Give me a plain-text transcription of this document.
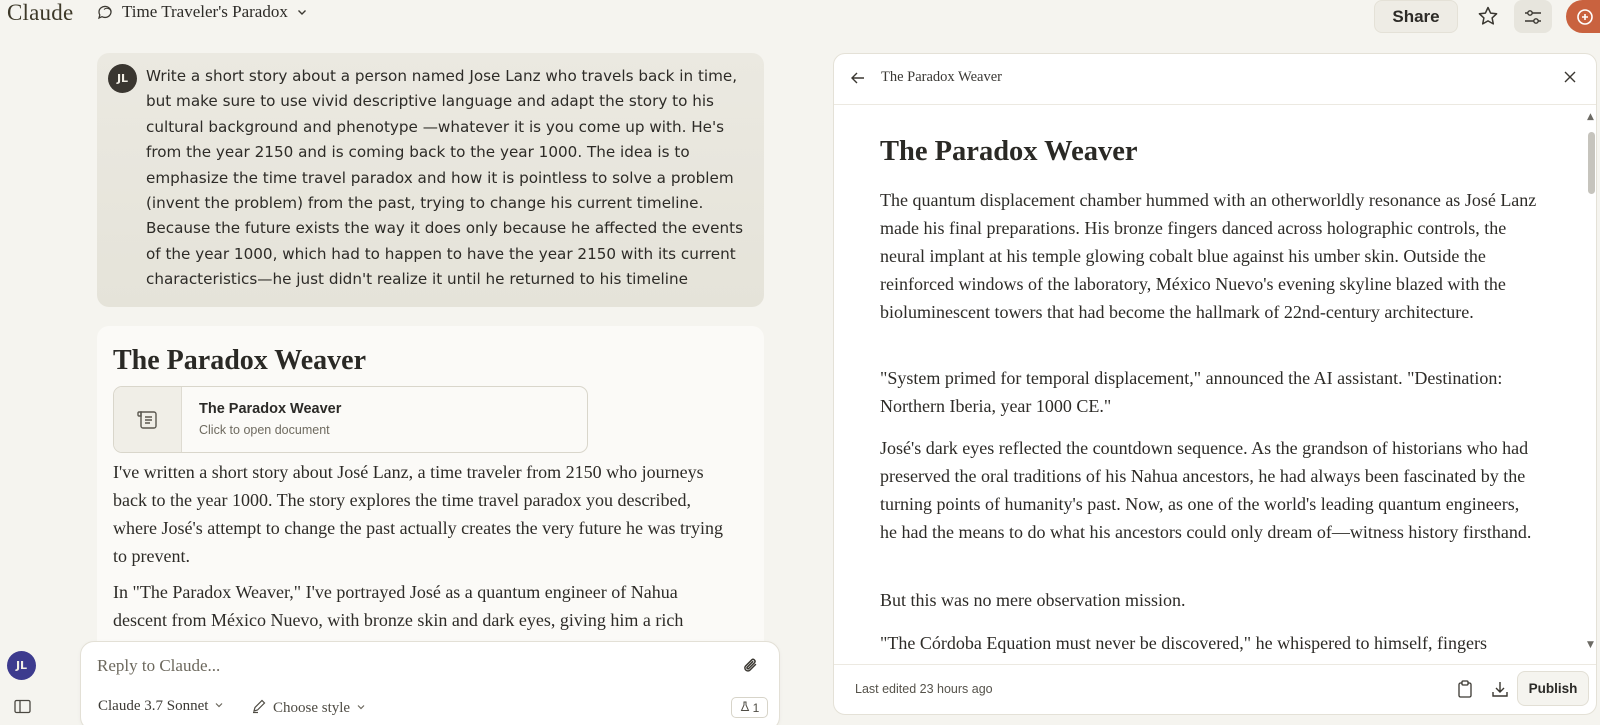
Claude	Time Traveler's Paradox	Share
JL	Write a short story about a person named Jose Lanz who travels back in time, but make sure to use vivid descriptive language and adapt the story to his cultural background and phenotype —whatever it is you come up with. He's from the year 2150 and is coming back to the year 1000. The idea is to emphasize the time travel paradox and how it is pointless to solve a problem (invent the problem) from the past, trying to change his current timeline. Because the future exists the way it does only because he affected the events of the year 1000, which had to happen to have the year 2150 with its current characteristics—he just didn't realize it until he returned to his timeline
The Paradox Weaver
The Paradox Weaver
Click to open document
I've written a short story about José Lanz, a time traveler from 2150 who journeys back to the year 1000. The story explores the time travel paradox you described, where José's attempt to change the past actually creates the very future he was trying to prevent.
In "The Paradox Weaver," I've portrayed José as a quantum engineer of Nahua descent from México Nuevo, with bronze skin and dark eyes, giving him a rich
Reply to Claude...
Claude 3.7 Sonnet	Choose style	1
JL
The Paradox Weaver
The Paradox Weaver
The quantum displacement chamber hummed with an otherworldly resonance as José Lanz made his final preparations. His bronze fingers danced across holographic controls, the neural implant at his temple glowing cobalt blue against his umber skin. Outside the reinforced windows of the laboratory, México Nuevo's evening skyline blazed with the bioluminescent towers that had become the hallmark of 22nd-century architecture.
"System primed for temporal displacement," announced the AI assistant. "Destination: Northern Iberia, year 1000 CE."
José's dark eyes reflected the countdown sequence. As the grandson of historians who had preserved the oral traditions of his Nahua ancestors, he had always been fascinated by the turning points of humanity's past. Now, as one of the world's leading quantum engineers, he had the means to do what his ancestors could only dream of—witness history firsthand.
But this was no mere observation mission.
"The Córdoba Equation must never be discovered," he whispered to himself, fingers
▲
▼
Last edited 23 hours ago	Publish
